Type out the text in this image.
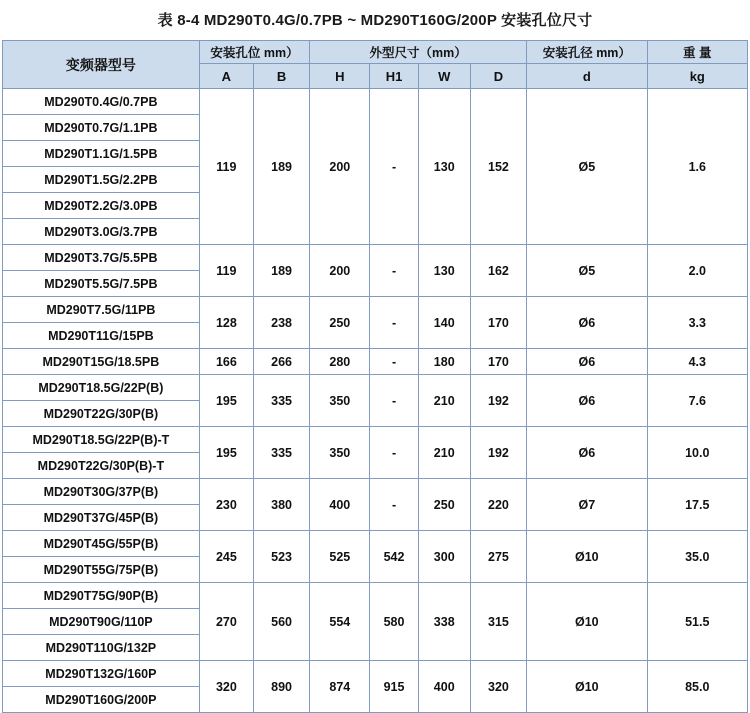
表 8-4 MD290T0.4G/0.7PB ~ MD290T160G/200P 安装孔位尺寸
变频器型号	安装孔位 mm）		外型尺寸（mm）				安装孔径 mm）	重 量
	A	B	H	H1	W	D	d	kg
MD290T0.4G/0.7PB	119	189	200	-	130	152	Ø5	1.6
MD290T0.7G/1.1PB								
MD290T1.1G/1.5PB								
MD290T1.5G/2.2PB								
MD290T2.2G/3.0PB								
MD290T3.0G/3.7PB								
MD290T3.7G/5.5PB	119	189	200	-	130	162	Ø5	2.0
MD290T5.5G/7.5PB								
MD290T7.5G/11PB	128	238	250	-	140	170	Ø6	3.3
MD290T11G/15PB								
MD290T15G/18.5PB	166	266	280	-	180	170	Ø6	4.3
MD290T18.5G/22P(B)	195	335	350	-	210	192	Ø6	7.6
MD290T22G/30P(B)								
MD290T18.5G/22P(B)-T	195	335	350	-	210	192	Ø6	10.0
MD290T22G/30P(B)-T								
MD290T30G/37P(B)	230	380	400	-	250	220	Ø7	17.5
MD290T37G/45P(B)								
MD290T45G/55P(B)	245	523	525	542	300	275	Ø10	35.0
MD290T55G/75P(B)								
MD290T75G/90P(B)	270	560	554	580	338	315	Ø10	51.5
MD290T90G/110P								
MD290T110G/132P								
MD290T132G/160P	320	890	874	915	400	320	Ø10	85.0
MD290T160G/200P								
